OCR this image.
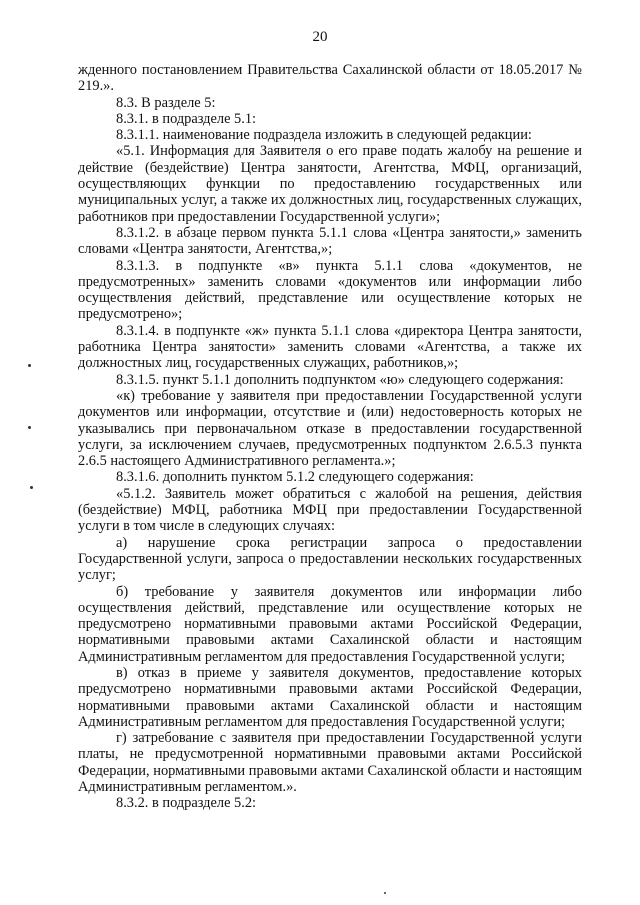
20

жденного постановлением Правительства Сахалинской области от 18.05.2017 № 219.».

8.3. В разделе 5:

8.3.1. в подразделе 5.1:

8.3.1.1. наименование подраздела изложить в следующей редакции:

«5.1. Информация для Заявителя о его праве подать жалобу на решение и действие (бездействие) Центра занятости, Агентства, МФЦ, организаций, осуществляющих функции по предоставлению государственных или муниципальных услуг, а также их должностных лиц, государственных служащих, работников при предоставлении Государственной услуги»;

8.3.1.2. в абзаце первом пункта 5.1.1 слова «Центра занятости,» заменить словами «Центра занятости, Агентства,»;

8.3.1.3. в подпункте «в» пункта 5.1.1 слова «документов, не предусмотренных» заменить словами «документов или информации либо осуществления действий, представление или осуществление которых не предусмотрено»;

8.3.1.4. в подпункте «ж» пункта 5.1.1 слова «директора Центра занятости, работника Центра занятости» заменить словами «Агентства, а также их должностных лиц, государственных служащих, работников,»;

8.3.1.5. пункт 5.1.1 дополнить подпунктом «ю» следующего содержания:

«к) требование у заявителя при предоставлении Государственной услуги документов или информации, отсутствие и (или) недостоверность которых не указывались при первоначальном отказе в предоставлении государственной услуги, за исключением случаев, предусмотренных подпунктом 2.6.5.3 пункта 2.6.5 настоящего Административного регламента.»;

8.3.1.6. дополнить пунктом 5.1.2 следующего содержания:

«5.1.2. Заявитель может обратиться с жалобой на решения, действия (бездействие) МФЦ, работника МФЦ при предоставлении Государственной услуги в том числе в следующих случаях:

а) нарушение срока регистрации запроса о предоставлении Государственной услуги, запроса о предоставлении нескольких государственных услуг;

б) требование у заявителя документов или информации либо осуществления действий, представление или осуществление которых не предусмотрено нормативными правовыми актами Российской Федерации, нормативными правовыми актами Сахалинской области и настоящим Административным регламентом для предоставления Государственной услуги;

в) отказ в приеме у заявителя документов, предоставление которых предусмотрено нормативными правовыми актами Российской Федерации, нормативными правовыми актами Сахалинской области и настоящим Административным регламентом для предоставления Государственной услуги;

г) затребование с заявителя при предоставлении Государственной услуги платы, не предусмотренной нормативными правовыми актами Российской Федерации, нормативными правовыми актами Сахалинской области и настоящим Административным регламентом.».

8.3.2. в подразделе 5.2:
